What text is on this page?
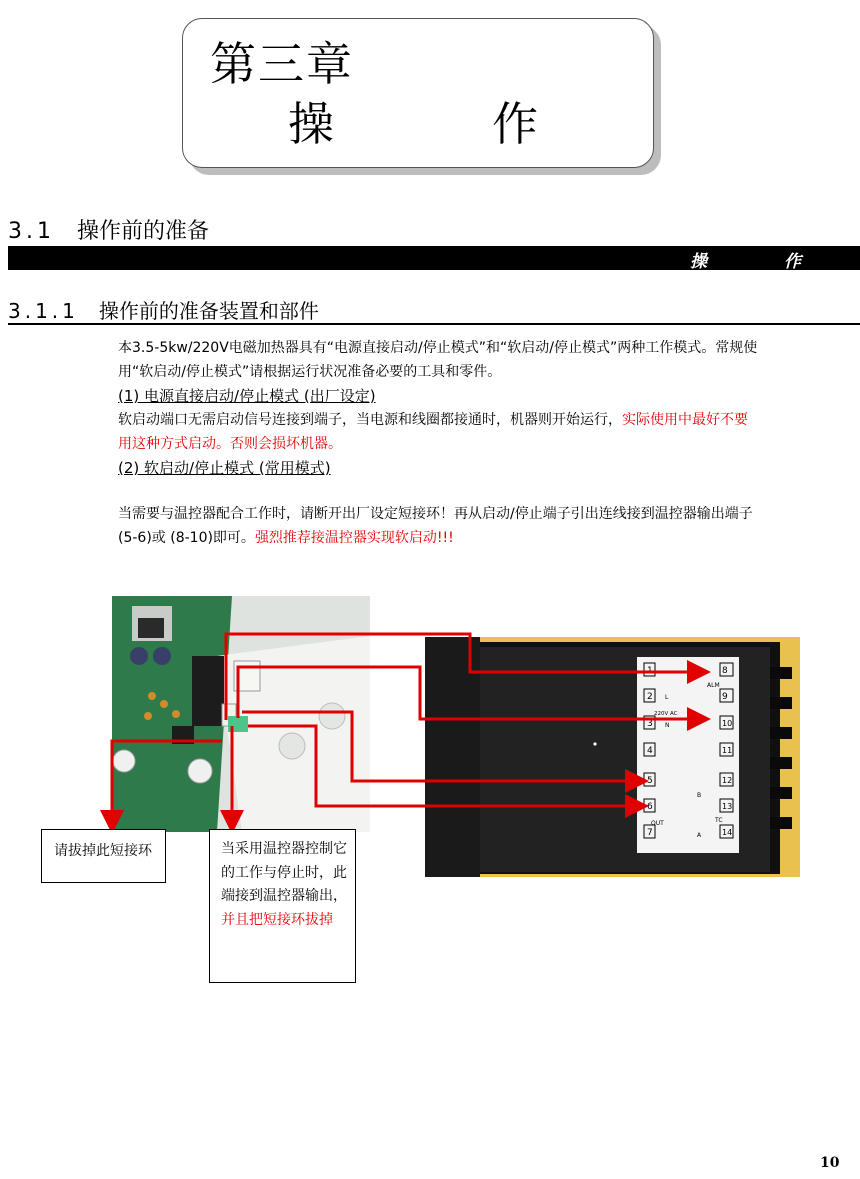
第三章
操	作
3.1 操作前的准备
操	作
3.1.1 操作前的准备装置和部件
本3.5-5kw/220V电磁加热器具有“电源直接启动/停止模式”和“软启动/停止模式”两种工作模式。常规使用“软启动/停止模式”请根据运行状况准备必要的工具和零件。
(1) 电源直接启动/停止模式 (出厂设定)
软启动端口无需启动信号连接到端子，当电源和线圈都接通时，机器则开始运行，实际使用中最好不要用这种方式启动。否则会损坏机器。
(2) 软启动/停止模式 (常用模式)
当需要与温控器配合工作时，请断开出厂设定短接环！再从启动/停止端子引出连线接到温控器输出端子(5-6)或 (8-10)即可。强烈推荐接温控器实现软启动!!!
1
2
3
4
5
6
7
8
9
10
11
12
13
14
ALM
L
220V AC
N
OUT
B
A
TC
请拔掉此短接环	当采用温控器控制它的工作与停止时，此端接到温控器输出，并且把短接环拔掉
10
